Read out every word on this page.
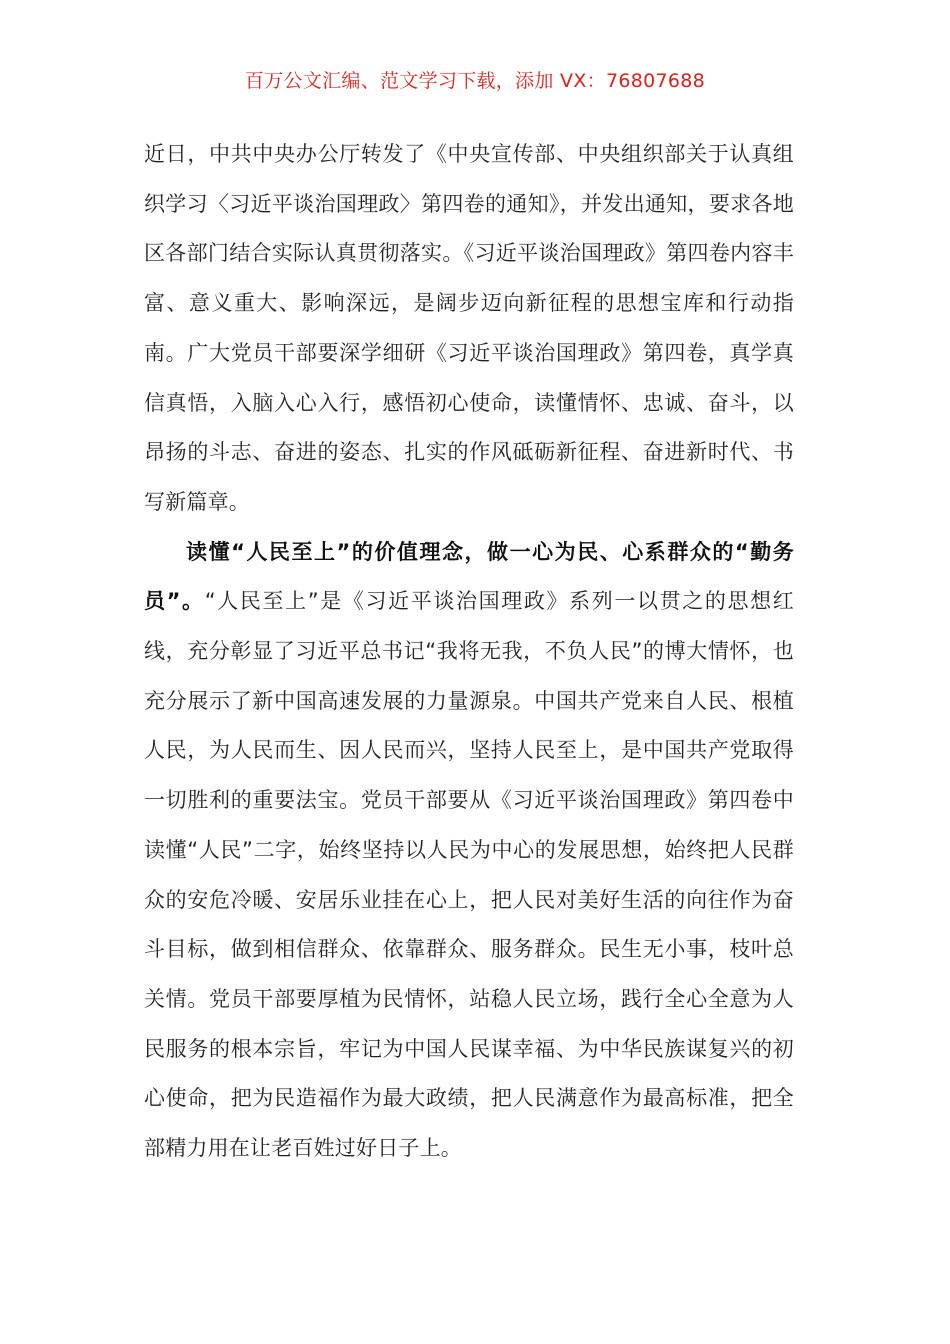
百万公文汇编、范文学习下载，添加 VX：76807688

近日，中共中央办公厅转发了《中央宣传部、中央组织部关于认真组织学习〈习近平谈治国理政〉第四卷的通知》，并发出通知，要求各地区各部门结合实际认真贯彻落实。《习近平谈治国理政》第四卷内容丰富、意义重大、影响深远，是阔步迈向新征程的思想宝库和行动指南。广大党员干部要深学细研《习近平谈治国理政》第四卷，真学真信真悟，入脑入心入行，感悟初心使命，读懂情怀、忠诚、奋斗，以昂扬的斗志、奋进的姿态、扎实的作风砥砺新征程、奋进新时代、书写新篇章。

读懂“人民至上”的价值理念，做一心为民、心系群众的“勤务员”。“人民至上”是《习近平谈治国理政》系列一以贯之的思想红线，充分彰显了习近平总书记“我将无我，不负人民”的博大情怀，也充分展示了新中国高速发展的力量源泉。中国共产党来自人民、根植人民，为人民而生、因人民而兴，坚持人民至上，是中国共产党取得一切胜利的重要法宝。党员干部要从《习近平谈治国理政》第四卷中读懂“人民”二字，始终坚持以人民为中心的发展思想，始终把人民群众的安危冷暖、安居乐业挂在心上，把人民对美好生活的向往作为奋斗目标，做到相信群众、依靠群众、服务群众。民生无小事，枝叶总关情。党员干部要厚植为民情怀，站稳人民立场，践行全心全意为人民服务的根本宗旨，牢记为中国人民谋幸福、为中华民族谋复兴的初心使命，把为民造福作为最大政绩，把人民满意作为最高标准，把全部精力用在让老百姓过好日子上。
